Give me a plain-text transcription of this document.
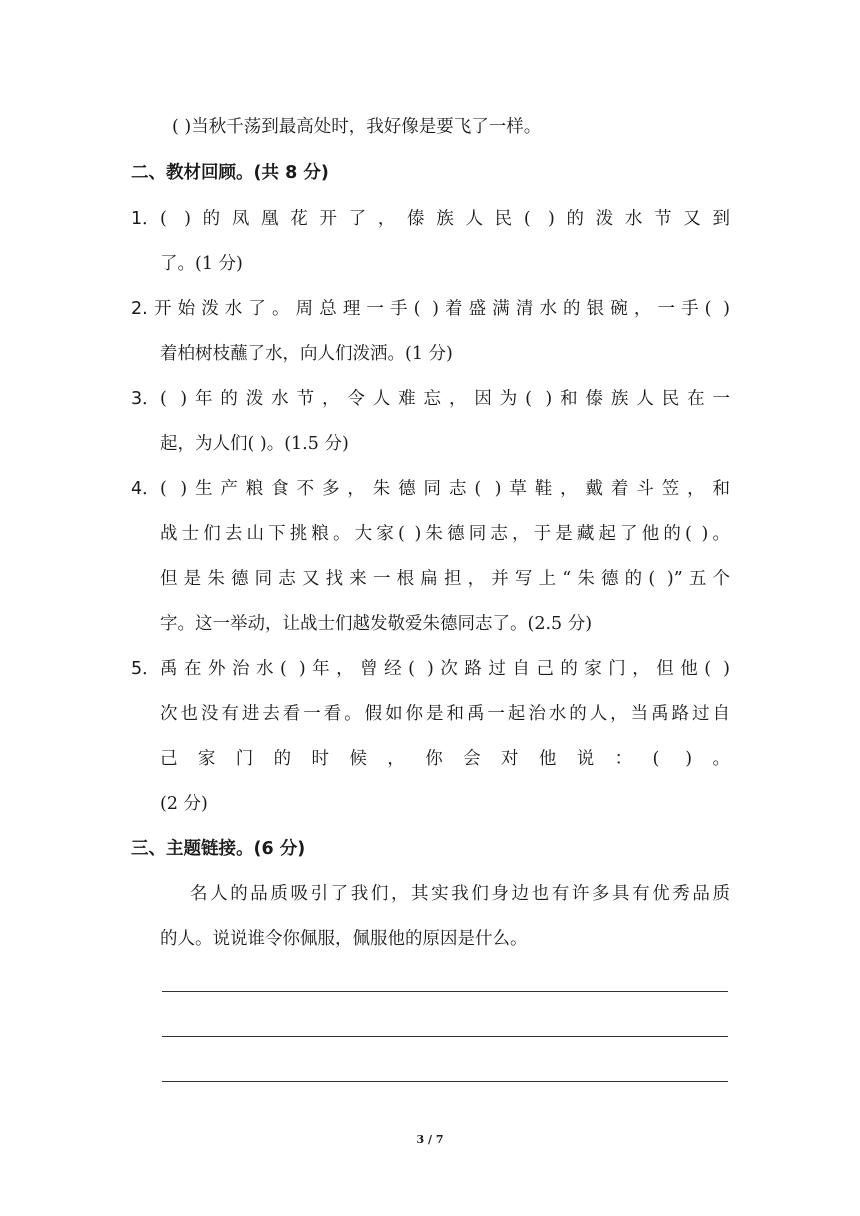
( )当秋千荡到最高处时，我好像是要飞了一样。
二、教材回顾。(共 8 分)
1． ( )的凤凰花开了，傣族人民( )的泼水节又到
了。(1 分)
2. 开始泼水了。周总理一手( )着盛满清水的银碗，一手( )
着柏树枝蘸了水，向人们泼洒。(1 分)
3． ( )年的泼水节，令人难忘，因为( )和傣族人民在一
起，为人们( )。(1.5 分)
4． ( )生产粮食不多，朱德同志( )草鞋，戴着斗笠，和
战士们去山下挑粮。大家( )朱德同志，于是藏起了他的( )。
但是朱德同志又找来一根扁担，并写上“朱德的( )”五个
字。这一举动，让战士们越发敬爱朱德同志了。(2.5 分)
5． 禹在外治水( )年，曾经( )次路过自己的家门，但他( )
次也没有进去看一看。假如你是和禹一起治水的人，当禹路过自
己家门的时候，你会对他说：( )。
(2 分)
三、主题链接。(6 分)
名人的品质吸引了我们，其实我们身边也有许多具有优秀品质
的人。说说谁令你佩服，佩服他的原因是什么。
3 / 7
